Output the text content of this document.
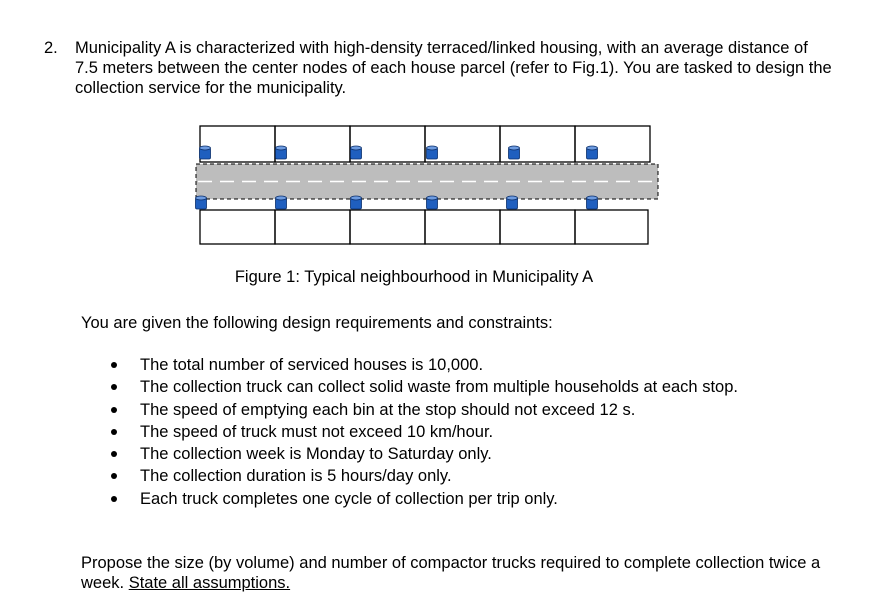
2. Municipality A is characterized with high-density terraced/linked housing, with an average distance of 7.5 meters between the center nodes of each house parcel (refer to Fig.1). You are tasked to design the collection service for the municipality.
Figure 1: Typical neighbourhood in Municipality A
You are given the following design requirements and constraints:
The total number of serviced houses is 10,000.
The collection truck can collect solid waste from multiple households at each stop.
The speed of emptying each bin at the stop should not exceed 12 s.
The speed of truck must not exceed 10 km/hour.
The collection week is Monday to Saturday only.
The collection duration is 5 hours/day only.
Each truck completes one cycle of collection per trip only.
Propose the size (by volume) and number of compactor trucks required to complete collection twice a week. State all assumptions.
